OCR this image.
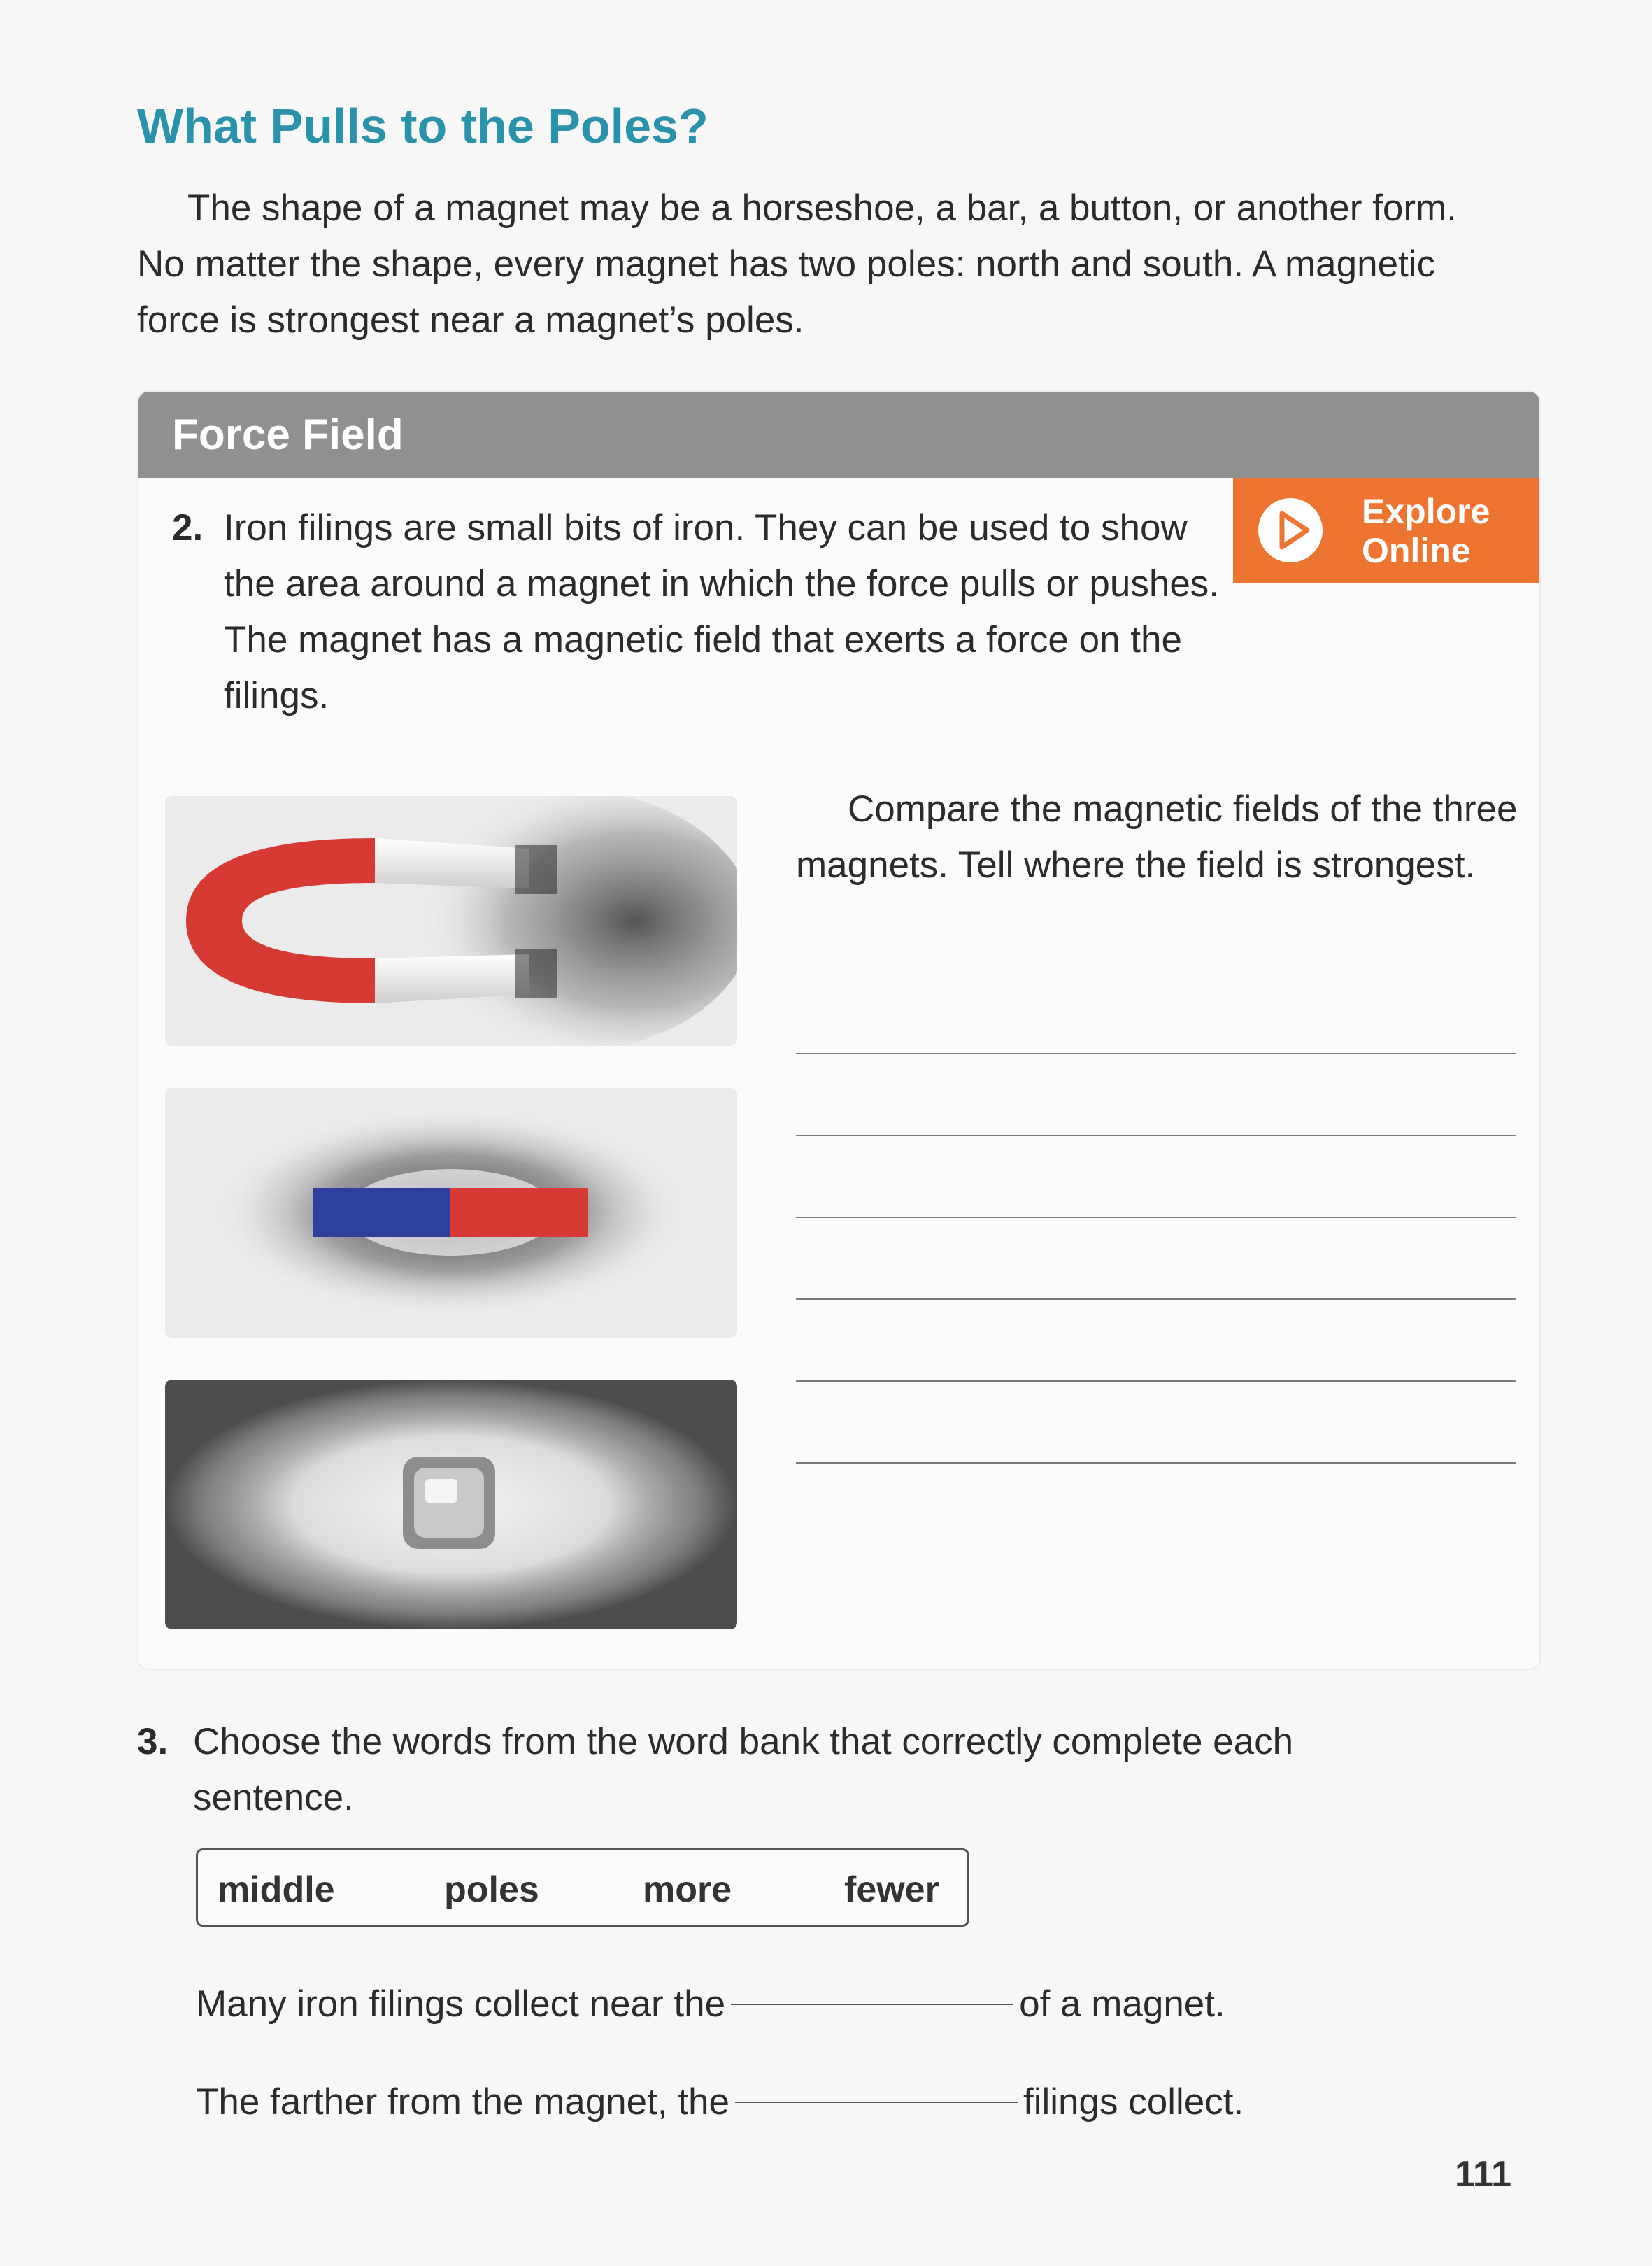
What Pulls to the Poles?

The shape of a magnet may be a horseshoe, a bar, a button, or another form. No matter the shape, every magnet has two poles: north and south. A magnetic force is strongest near a magnet’s poles.

Force Field
Explore Online
2. Iron filings are small bits of iron. They can be used to show the area around a magnet in which the force pulls or pushes. The magnet has a magnetic field that exerts a force on the filings.
Compare the magnetic fields of the three magnets. Tell where the field is strongest.
3. Choose the words from the word bank that correctly complete each sentence.
middle	poles	more	fewer
Many iron filings collect near the	of a magnet.
The farther from the magnet, the	filings collect.
111
